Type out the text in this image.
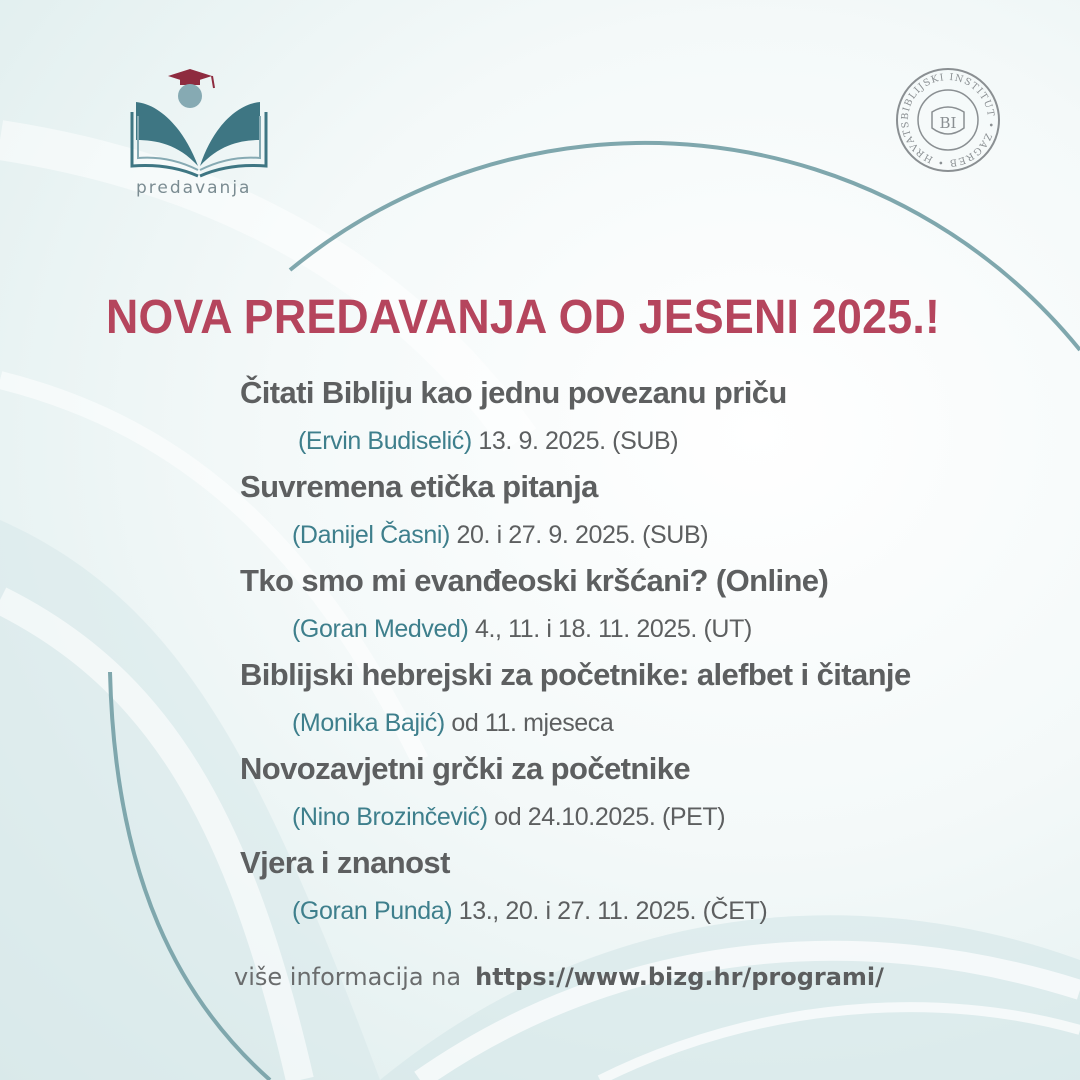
predavanja
BIBLIJSKI INSTITUT • ZAGREB • HRVATS	BI
NOVA PREDAVANJA OD JESENI 2025.!
Čitati Bibliju kao jednu povezanu priču
(Ervin Budiselić) 13. 9. 2025. (SUB)
Suvremena etička pitanja
(Danijel Časni) 20. i 27. 9. 2025. (SUB)
Tko smo mi evanđeoski kršćani? (Online)
(Goran Medved) 4., 11. i 18. 11. 2025. (UT)
Biblijski hebrejski za početnike: alefbet i čitanje
(Monika Bajić) od 11. mjeseca
Novozavjetni grčki za početnike
(Nino Brozinčević) od 24.10.2025. (PET)
Vjera i znanost
(Goran Punda) 13., 20. i 27. 11. 2025. (ČET)
više informacija na https://www.bizg.hr/programi/
